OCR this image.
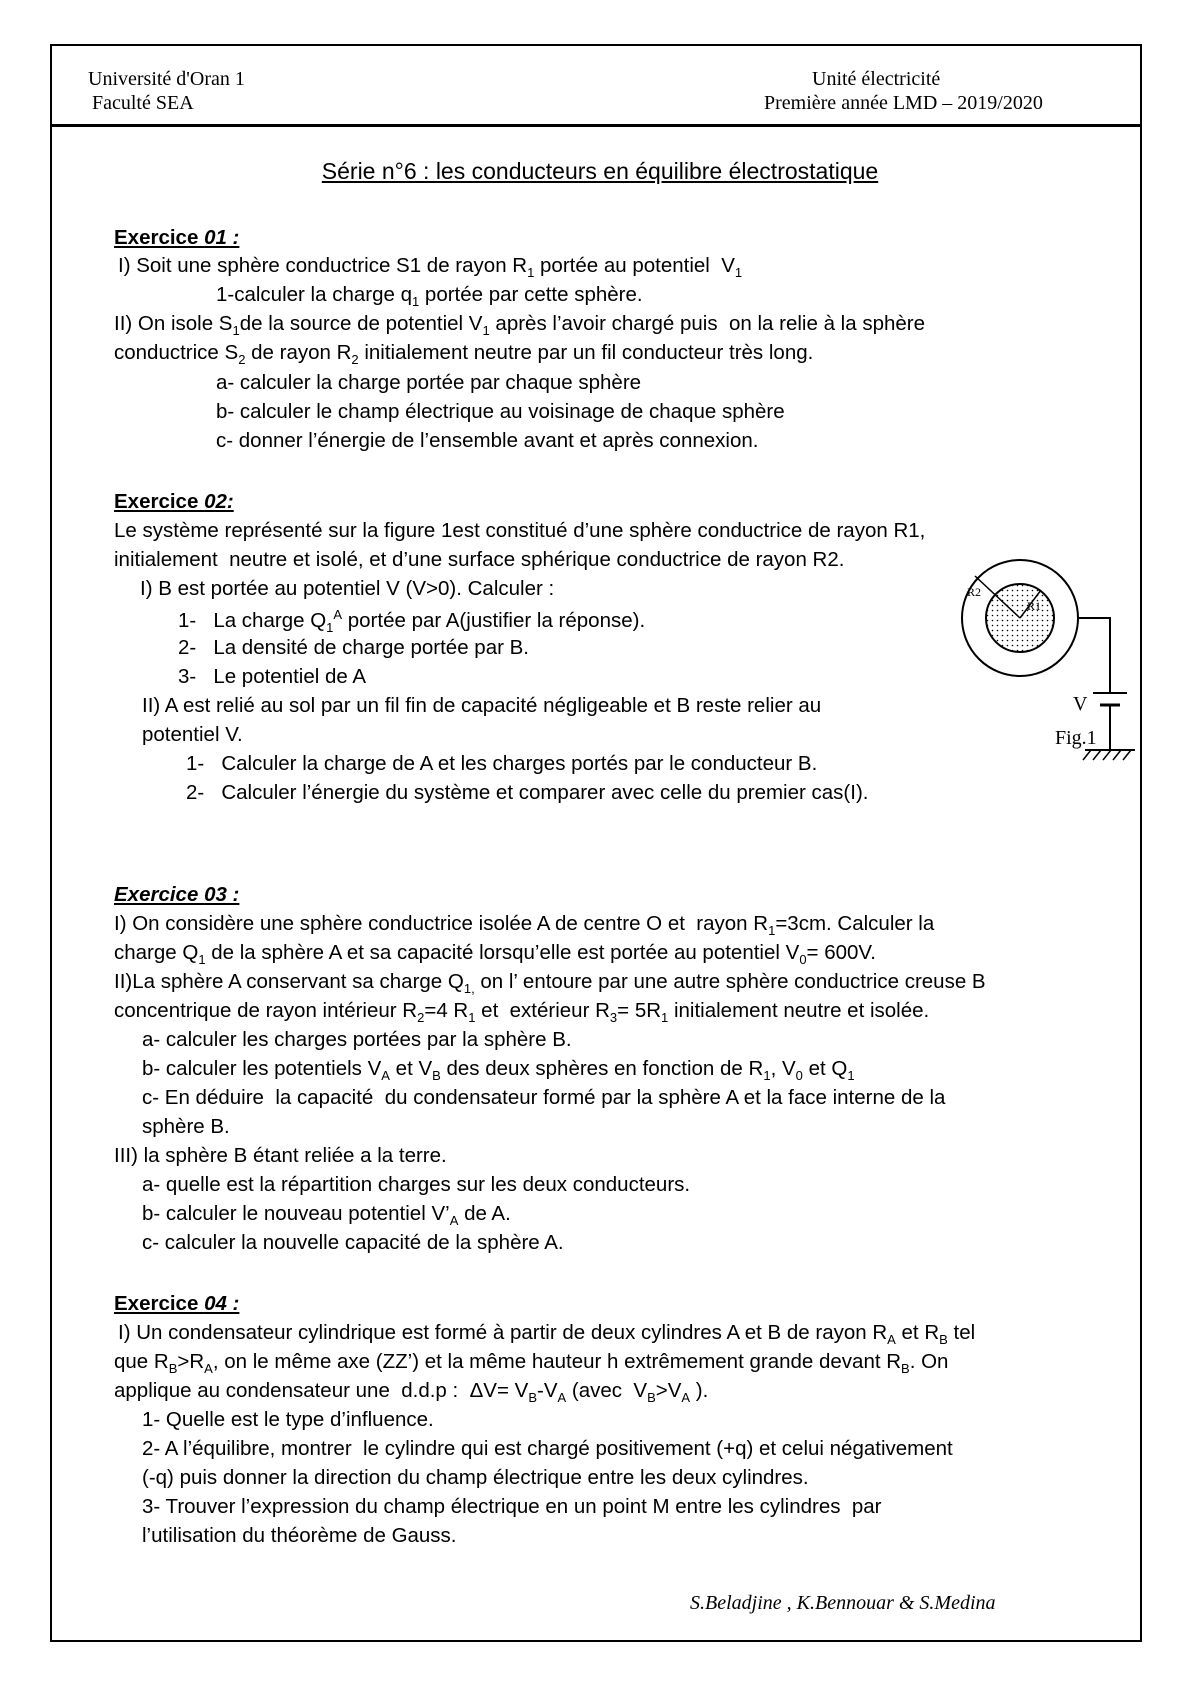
Université d'Oran 1
Faculté SEA
Unité électricité
Première année LMD – 2019/2020
Série n°6 : les conducteurs en équilibre électrostatique
Exercice 01 :
I) Soit une sphère conductrice S1 de rayon $R_1$ portée au potentiel  $V_1$
1-calculer la charge $q_1$ portée par cette sphère.
II) On isole $S_1de$ la source de potentiel $V_1$ après l’avoir chargé puis  on la relie à la sphère
conductrice $S_2$ de rayon $R_2$ initialement neutre par un fil conducteur très long.
a- calculer la charge portée par chaque sphère
b- calculer le champ électrique au voisinage de chaque sphère
c- donner l’énergie de l’ensemble avant et après connexion.
Exercice 02:
Le système représenté sur la figure 1est constitué d’une sphère conductrice de rayon R1,
initialement  neutre et isolé, et d’une surface sphérique conductrice de rayon R2.
I) B est portée au potentiel V (V>0). Calculer :
1-   La charge $Q_1^A$ portée par A(justifier la réponse).
2-   La densité de charge portée par B.
3-   Le potentiel de A
II) A est relié au sol par un fil fin de capacité négligeable et B reste relier au
potentiel V.
1-   Calculer la charge de A et les charges portés par le conducteur B.
2-   Calculer l’énergie du système et comparer avec celle du premier cas(I).
R2
R1
V
Fig.1
Exercice 03 :
I) On considère une sphère conductrice isolée A de centre O et  rayon $R_1=3cm$. Calculer la
charge $Q_1$ de la sphère A et sa capacité lorsqu’elle est portée au potentiel $V_0= 600V$.
II)La sphère A conservant sa charge $Q_{1,}$ on l’ entoure par une autre sphère conductrice creuse B
concentrique de rayon intérieur $R_2=4$ $R_1$ et  extérieur $R_3= 5R_1$ initialement neutre et isolée.
a- calculer les charges portées par la sphère B.
b- calculer les potentiels $V_A$ et $V_B$ des deux sphères en fonction de $R_1$, $V_0$ et $Q_1$
c- En déduire  la capacité  du condensateur formé par la sphère A et la face interne de la
sphère B.
III) la sphère B étant reliée a la terre.
a- quelle est la répartition charges sur les deux conducteurs.
b- calculer le nouveau potentiel $V’_A$ de A.
c- calculer la nouvelle capacité de la sphère A.
Exercice 04 :
I) Un condensateur cylindrique est formé à partir de deux cylindres A et B de rayon $R_A$ et $R_B$ tel
que $R_B>R_A$, on le même axe (ZZ’) et la même hauteur h extrêmement grande devant $R_B$. On
applique au condensateur une  d.d.p :  $\Delta V= V_B-V_A$ (avec  $V_B>V_A$ ).
1- Quelle est le type d’influence.
2- A l’équilibre, montrer  le cylindre qui est chargé positivement (+q) et celui négativement
(-q) puis donner la direction du champ électrique entre les deux cylindres.
3- Trouver l’expression du champ électrique en un point M entre les cylindres  par
l’utilisation du théorème de Gauss.
S.Beladjine , K.Bennouar & S.Medina
